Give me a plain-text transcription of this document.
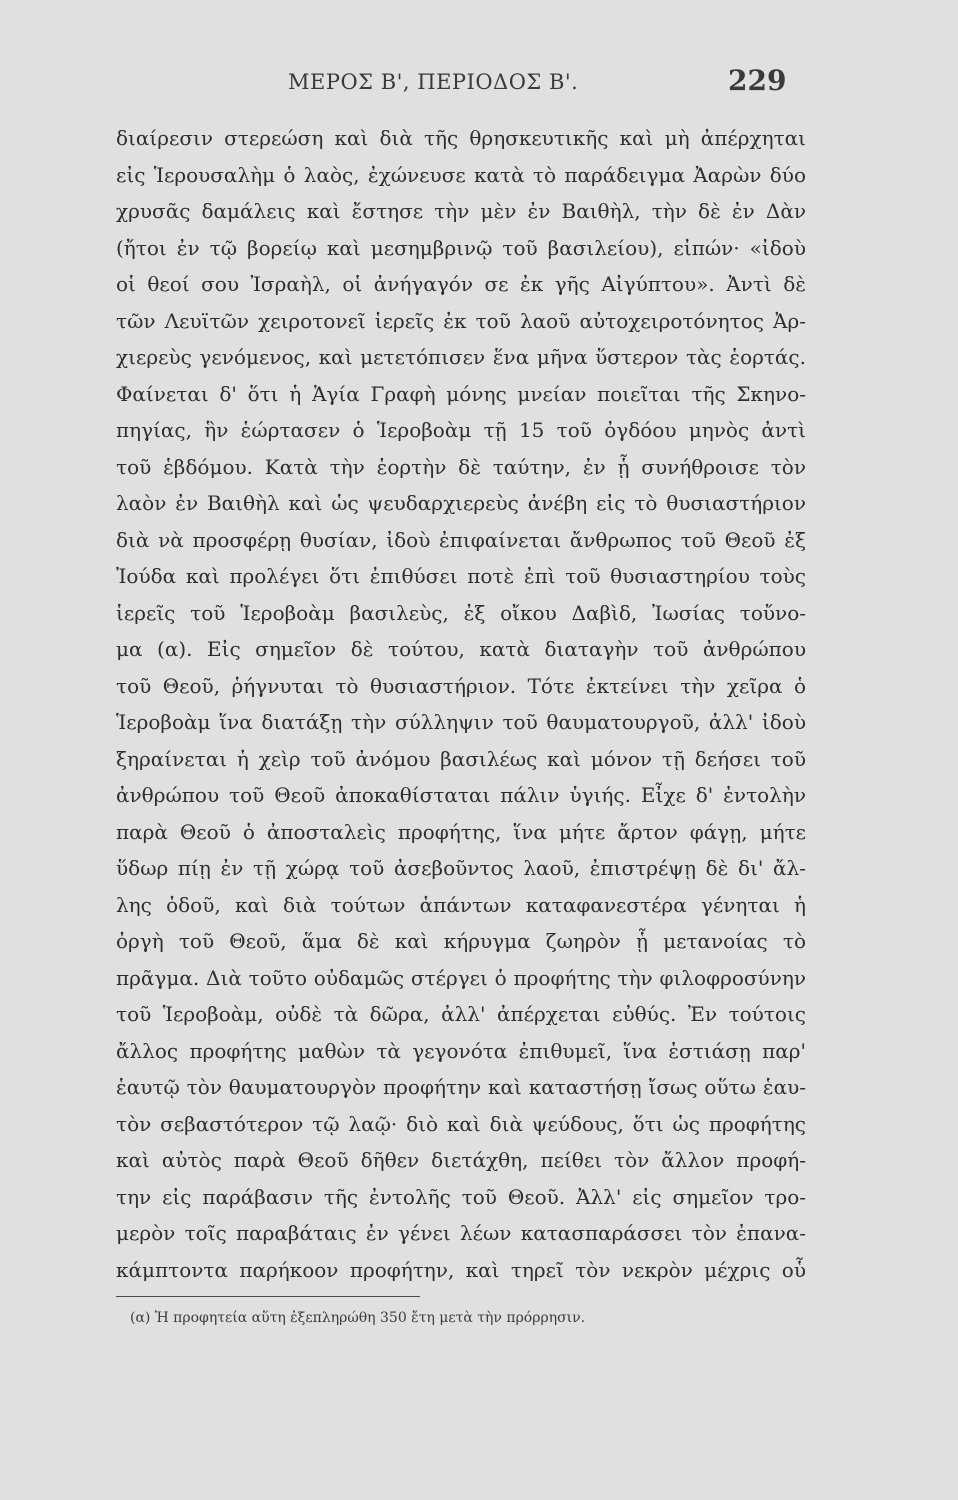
ΜΕΡΟΣ Β', ΠΕΡΙΟΔΟΣ Β'.	229
διαίρεσιν στερεώση καὶ διὰ τῆς θρησκευτικῆς καὶ μὴ ἀπέρχηται
εἰς Ἱερουσαλὴμ ὁ λαὸς, ἐχώνευσε κατὰ τὸ παράδειγμα Ἀαρὼν δύο
χρυσᾶς δαμάλεις καὶ ἔστησε τὴν μὲν ἐν Βαιθὴλ, τὴν δὲ ἐν Δὰν
(ἤτοι ἐν τῷ βορείῳ καὶ μεσημβρινῷ τοῦ βασιλείου), εἰπών· «ἰδοὺ
οἱ θεοί σου Ἰσραὴλ, οἱ ἀνήγαγόν σε ἐκ γῆς Αἰγύπτου». Ἀντὶ δὲ
τῶν Λευϊτῶν χειροτονεῖ ἱερεῖς ἐκ τοῦ λαοῦ αὐτοχειροτόνητος Ἀρ-
χιερεὺς γενόμενος, καὶ μετετόπισεν ἕνα μῆνα ὕστερον τὰς ἑορτάς.
Φαίνεται δ' ὅτι ἡ Ἁγία Γραφὴ μόνης μνείαν ποιεῖται τῆς Σκηνο-
πηγίας, ἣν ἑώρτασεν ὁ Ἱεροβοὰμ τῇ 15 τοῦ ὀγδόου μηνὸς ἀντὶ
τοῦ ἑβδόμου. Κατὰ τὴν ἑορτὴν δὲ ταύτην, ἐν ᾗ συνήθροισε τὸν
λαὸν ἐν Βαιθὴλ καὶ ὡς ψευδαρχιερεὺς ἀνέβη εἰς τὸ θυσιαστήριον
διὰ νὰ προσφέρῃ θυσίαν, ἰδοὺ ἐπιφαίνεται ἄνθρωπος τοῦ Θεοῦ ἐξ
Ἰούδα καὶ προλέγει ὅτι ἐπιθύσει ποτὲ ἐπὶ τοῦ θυσιαστηρίου τοὺς
ἱερεῖς τοῦ Ἱεροβοὰμ βασιλεὺς, ἐξ οἴκου Δαβὶδ, Ἰωσίας τοὔνο-
μα (α). Εἰς σημεῖον δὲ τούτου, κατὰ διαταγὴν τοῦ ἀνθρώπου
τοῦ Θεοῦ, ῥήγνυται τὸ θυσιαστήριον. Τότε ἐκτείνει τὴν χεῖρα ὁ
Ἱεροβοὰμ ἵνα διατάξῃ τὴν σύλληψιν τοῦ θαυματουργοῦ, ἀλλ' ἰδοὺ
ξηραίνεται ἡ χεὶρ τοῦ ἀνόμου βασιλέως καὶ μόνον τῇ δεήσει τοῦ
ἀνθρώπου τοῦ Θεοῦ ἀποκαθίσταται πάλιν ὑγιής. Εἶχε δ' ἐντολὴν
παρὰ Θεοῦ ὁ ἀποσταλεὶς προφήτης, ἵνα μήτε ἄρτον φάγῃ, μήτε
ὕδωρ πίῃ ἐν τῇ χώρᾳ τοῦ ἀσεβοῦντος λαοῦ, ἐπιστρέψῃ δὲ δι' ἄλ-
λης ὁδοῦ, καὶ διὰ τούτων ἁπάντων καταφανεστέρα γένηται ἡ
ὀργὴ τοῦ Θεοῦ, ἅμα δὲ καὶ κήρυγμα ζωηρὸν ᾗ μετανοίας τὸ
πρᾶγμα. Διὰ τοῦτο οὐδαμῶς στέργει ὁ προφήτης τὴν φιλοφροσύνην
τοῦ Ἱεροβοὰμ, οὐδὲ τὰ δῶρα, ἀλλ' ἀπέρχεται εὐθύς. Ἐν τούτοις
ἄλλος προφήτης μαθὼν τὰ γεγονότα ἐπιθυμεῖ, ἵνα ἑστιάσῃ παρ'
ἑαυτῷ τὸν θαυματουργὸν προφήτην καὶ καταστήσῃ ἴσως οὕτω ἑαυ-
τὸν σεβαστότερον τῷ λαῷ· διὸ καὶ διὰ ψεύδους, ὅτι ὡς προφήτης
καὶ αὐτὸς παρὰ Θεοῦ δῆθεν διετάχθη, πείθει τὸν ἄλλον προφή-
την εἰς παράβασιν τῆς ἐντολῆς τοῦ Θεοῦ. Ἀλλ' εἰς σημεῖον τρο-
μερὸν τοῖς παραβάταις ἐν γένει λέων κατασπαράσσει τὸν ἐπανα-
κάμπτοντα παρήκοον προφήτην, καὶ τηρεῖ τὸν νεκρὸν μέχρις οὗ
(α) Ἡ προφητεία αὕτη ἐξεπληρώθη 350 ἔτη μετὰ τὴν πρόρρησιν.
